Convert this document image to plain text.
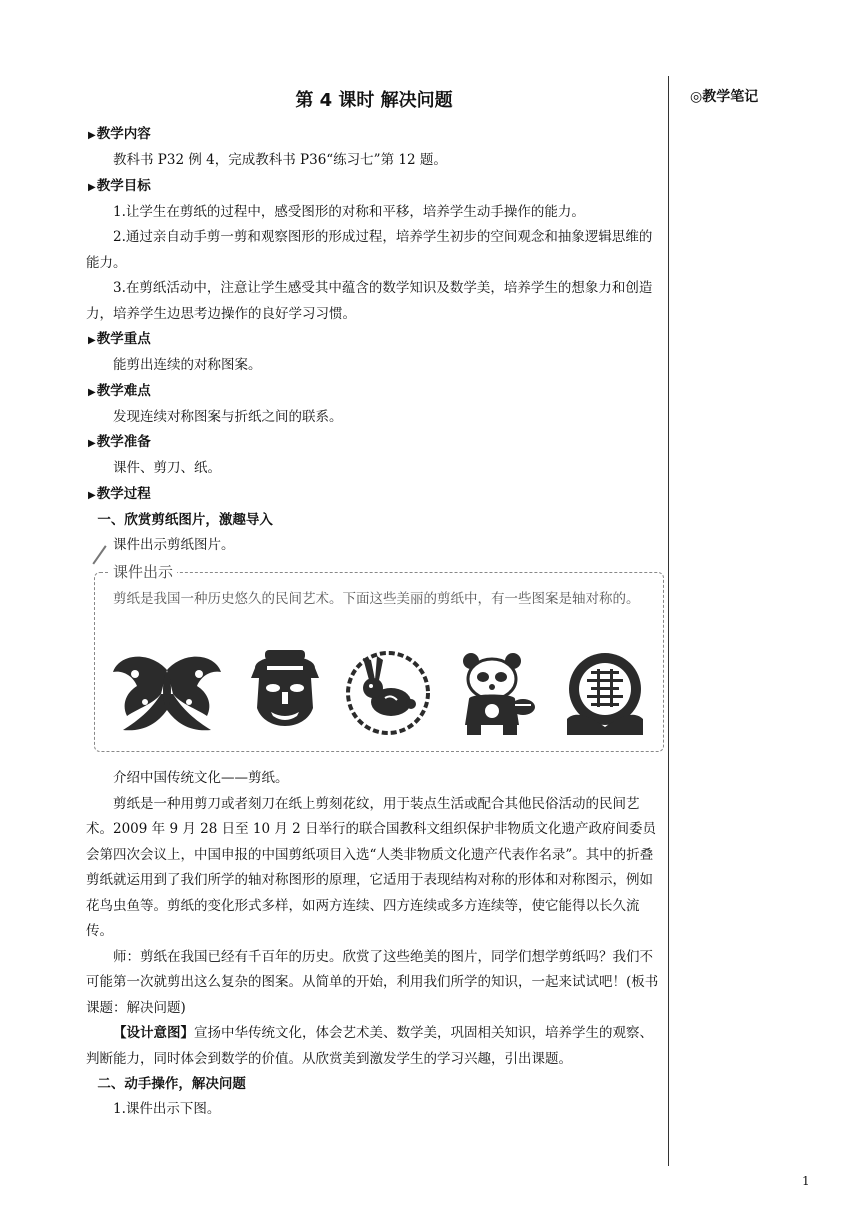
◎教学笔记
第 4 课时 解决问题
▶教学内容

教科书 P32 例 4，完成教科书 P36“练习七”第 12 题。

▶教学目标

1.让学生在剪纸的过程中，感受图形的对称和平移，培养学生动手操作的能力。

2.通过亲自动手剪一剪和观察图形的形成过程，培养学生初步的空间观念和抽象逻辑思维的能力。

3.在剪纸活动中，注意让学生感受其中蕴含的数学知识及数学美，培养学生的想象力和创造力，培养学生边思考边操作的良好学习习惯。

▶教学重点

能剪出连续的对称图案。

▶教学难点

发现连续对称图案与折纸之间的联系。

▶教学准备

课件、剪刀、纸。

▶教学过程
一、欣赏剪纸图片，激趣导入

课件出示剪纸图片。

课件出示
剪纸是我国一种历史悠久的民间艺术。下面这些美丽的剪纸中，有一些图案是轴对称的。

介绍中国传统文化——剪纸。

剪纸是一种用剪刀或者刻刀在纸上剪刻花纹，用于装点生活或配合其他民俗活动的民间艺术。2009 年 9 月 28 日至 10 月 2 日举行的联合国教科文组织保护非物质文化遗产政府间委员会第四次会议上，中国申报的中国剪纸项目入选“人类非物质文化遗产代表作名录”。其中的折叠剪纸就运用到了我们所学的轴对称图形的原理，它适用于表现结构对称的形体和对称图示，例如花鸟虫鱼等。剪纸的变化形式多样，如两方连续、四方连续或多方连续等，使它能得以长久流传。

师：剪纸在我国已经有千百年的历史。欣赏了这些绝美的图片，同学们想学剪纸吗？我们不可能第一次就剪出这么复杂的图案。从简单的开始，利用我们所学的知识，一起来试试吧！(板书课题：解决问题)

【设计意图】宣扬中华传统文化，体会艺术美、数学美，巩固相关知识，培养学生的观察、判断能力，同时体会到数学的价值。从欣赏美到激发学生的学习兴趣，引出课题。

二、动手操作，解决问题

1.课件出示下图。

1
